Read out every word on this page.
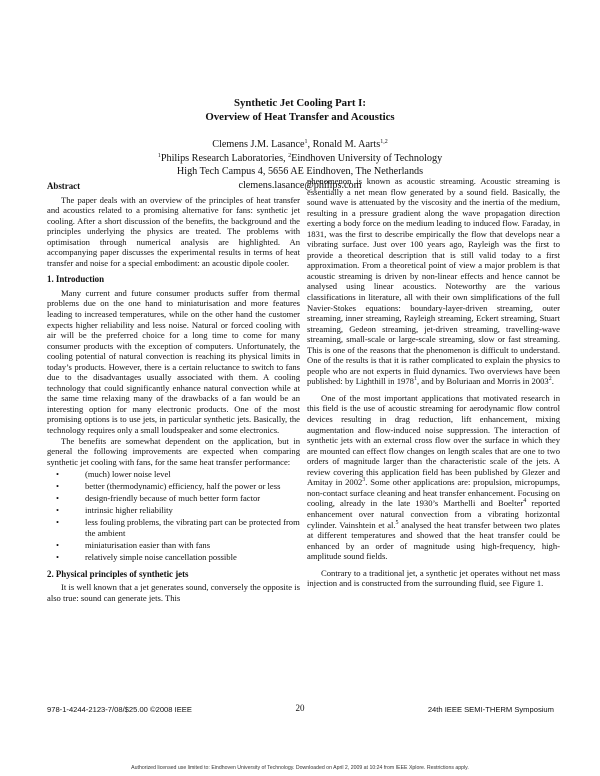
Synthetic Jet Cooling Part I:
Overview of Heat Transfer and Acoustics
Clemens J.M. Lasance$^1$, Ronald M. Aarts$^{1,2}$
$^1$Philips Research Laboratories, $^2$Eindhoven University of Technology
High Tech Campus 4, 5656 AE Eindhoven, The Netherlands
clemens.lasance@philips.com
Abstract

The paper deals with an overview of the principles of heat transfer and acoustics related to a promising alternative for fans: synthetic jet cooling. After a short discussion of the benefits, the background and the principles underlying the physics are treated. The problems with optimisation through numerical analysis are highlighted. An accompanying paper discusses the experimental results in terms of heat transfer and noise for a special embodiment: an acoustic dipole cooler.

1. Introduction

Many current and future consumer products suffer from thermal problems due on the one hand to miniaturisation and more features leading to increased temperatures, while on the other hand the customer expects higher reliability and less noise. Natural or forced cooling with air will be the preferred choice for a long time to come for many consumer products with the exception of computers. Unfortunately, the cooling potential of natural convection is reaching its physical limits in today’s products. However, there is a certain reluctance to switch to fans due to the disadvantages usually associated with them. A cooling technology that could significantly enhance natural convection while at the same time relaxing many of the drawbacks of a fan would be an interesting option for many electronic products. One of the most promising options is to use jets, in particular synthetic jets. Basically, the technology requires only a small loudspeaker and some electronics.

The benefits are somewhat dependent on the application, but in general the following improvements are expected when comparing synthetic jet cooling with fans, for the same heat transfer performance:

•	(much) lower noise level
•	better (thermodynamic) efficiency, half the power or less
•	design-friendly because of much better form factor
•	intrinsic higher reliability
•	less fouling problems, the vibrating part can be protected from the ambient
•	miniaturisation easier than with fans
•	relatively simple noise cancellation possible
2. Physical principles of synthetic jets

It is well known that a jet generates sound, conversely the opposite is also true: sound can generate jets. This

phenomenon is known as acoustic streaming. Acoustic streaming is essentially a net mean flow generated by a sound field. Basically, the sound wave is attenuated by the viscosity and the inertia of the medium, resulting in a pressure gradient along the wave propagation direction exerting a body force on the medium leading to induced flow. Faraday, in 1831, was the first to describe empirically the flow that develops near a vibrating surface. Just over 100 years ago, Rayleigh was the first to provide a theoretical description that is still valid today to a first approximation. From a theoretical point of view a major problem is that acoustic streaming is driven by non-linear effects and hence cannot be analysed using linear acoustics. Noteworthy are the various classifications in literature, all with their own simplifications of the full Navier-Stokes equations: boundary-layer-driven streaming, outer streaming, inner streaming, Rayleigh streaming, Eckert streaming, Stuart streaming, Gedeon streaming, jet-driven streaming, travelling-wave streaming, small-scale or large-scale streaming, slow or fast streaming. This is one of the reasons that the phenomenon is difficult to understand. One of the results is that it is rather complicated to explain the physics to people who are not experts in fluid dynamics. Two overviews have been published: by Lighthill in 1978$^1$, and by Boluriaan and Morris in 2003$^2$.

One of the most important applications that motivated research in this field is the use of acoustic streaming for aerodynamic flow control devices resulting in drag reduction, lift enhancement, mixing augmentation and flow-induced noise suppression. The interaction of synthetic jets with an external cross flow over the surface in which they are mounted can effect flow changes on length scales that are one to two orders of magnitude larger than the characteristic scale of the jets. A review covering this application field has been published by Glezer and Amitay in 2002$^3$. Some other applications are: propulsion, micropumps, non-contact surface cleaning and heat transfer enhancement. Focusing on cooling, already in the late 1930’s Marthelli and Boelter$^4$ reported enhancement over natural convection from a vibrating horizontal cylinder. Vainshtein et al.$^5$ analysed the heat transfer between two plates at different temperatures and showed that the heat transfer could be enhanced by an order of magnitude using high-frequency, high-amplitude sound fields.

Contrary to a traditional jet, a synthetic jet operates without net mass injection and is constructed from the surrounding fluid, see Figure 1.

978-1-4244-2123-7/08/$25.00 ©2008 IEEE	20	24th IEEE SEMI-THERM Symposium
Authorized licensed use limited to: Eindhoven University of Technology. Downloaded on April 2, 2009 at 10:24 from IEEE Xplore. Restrictions apply.
